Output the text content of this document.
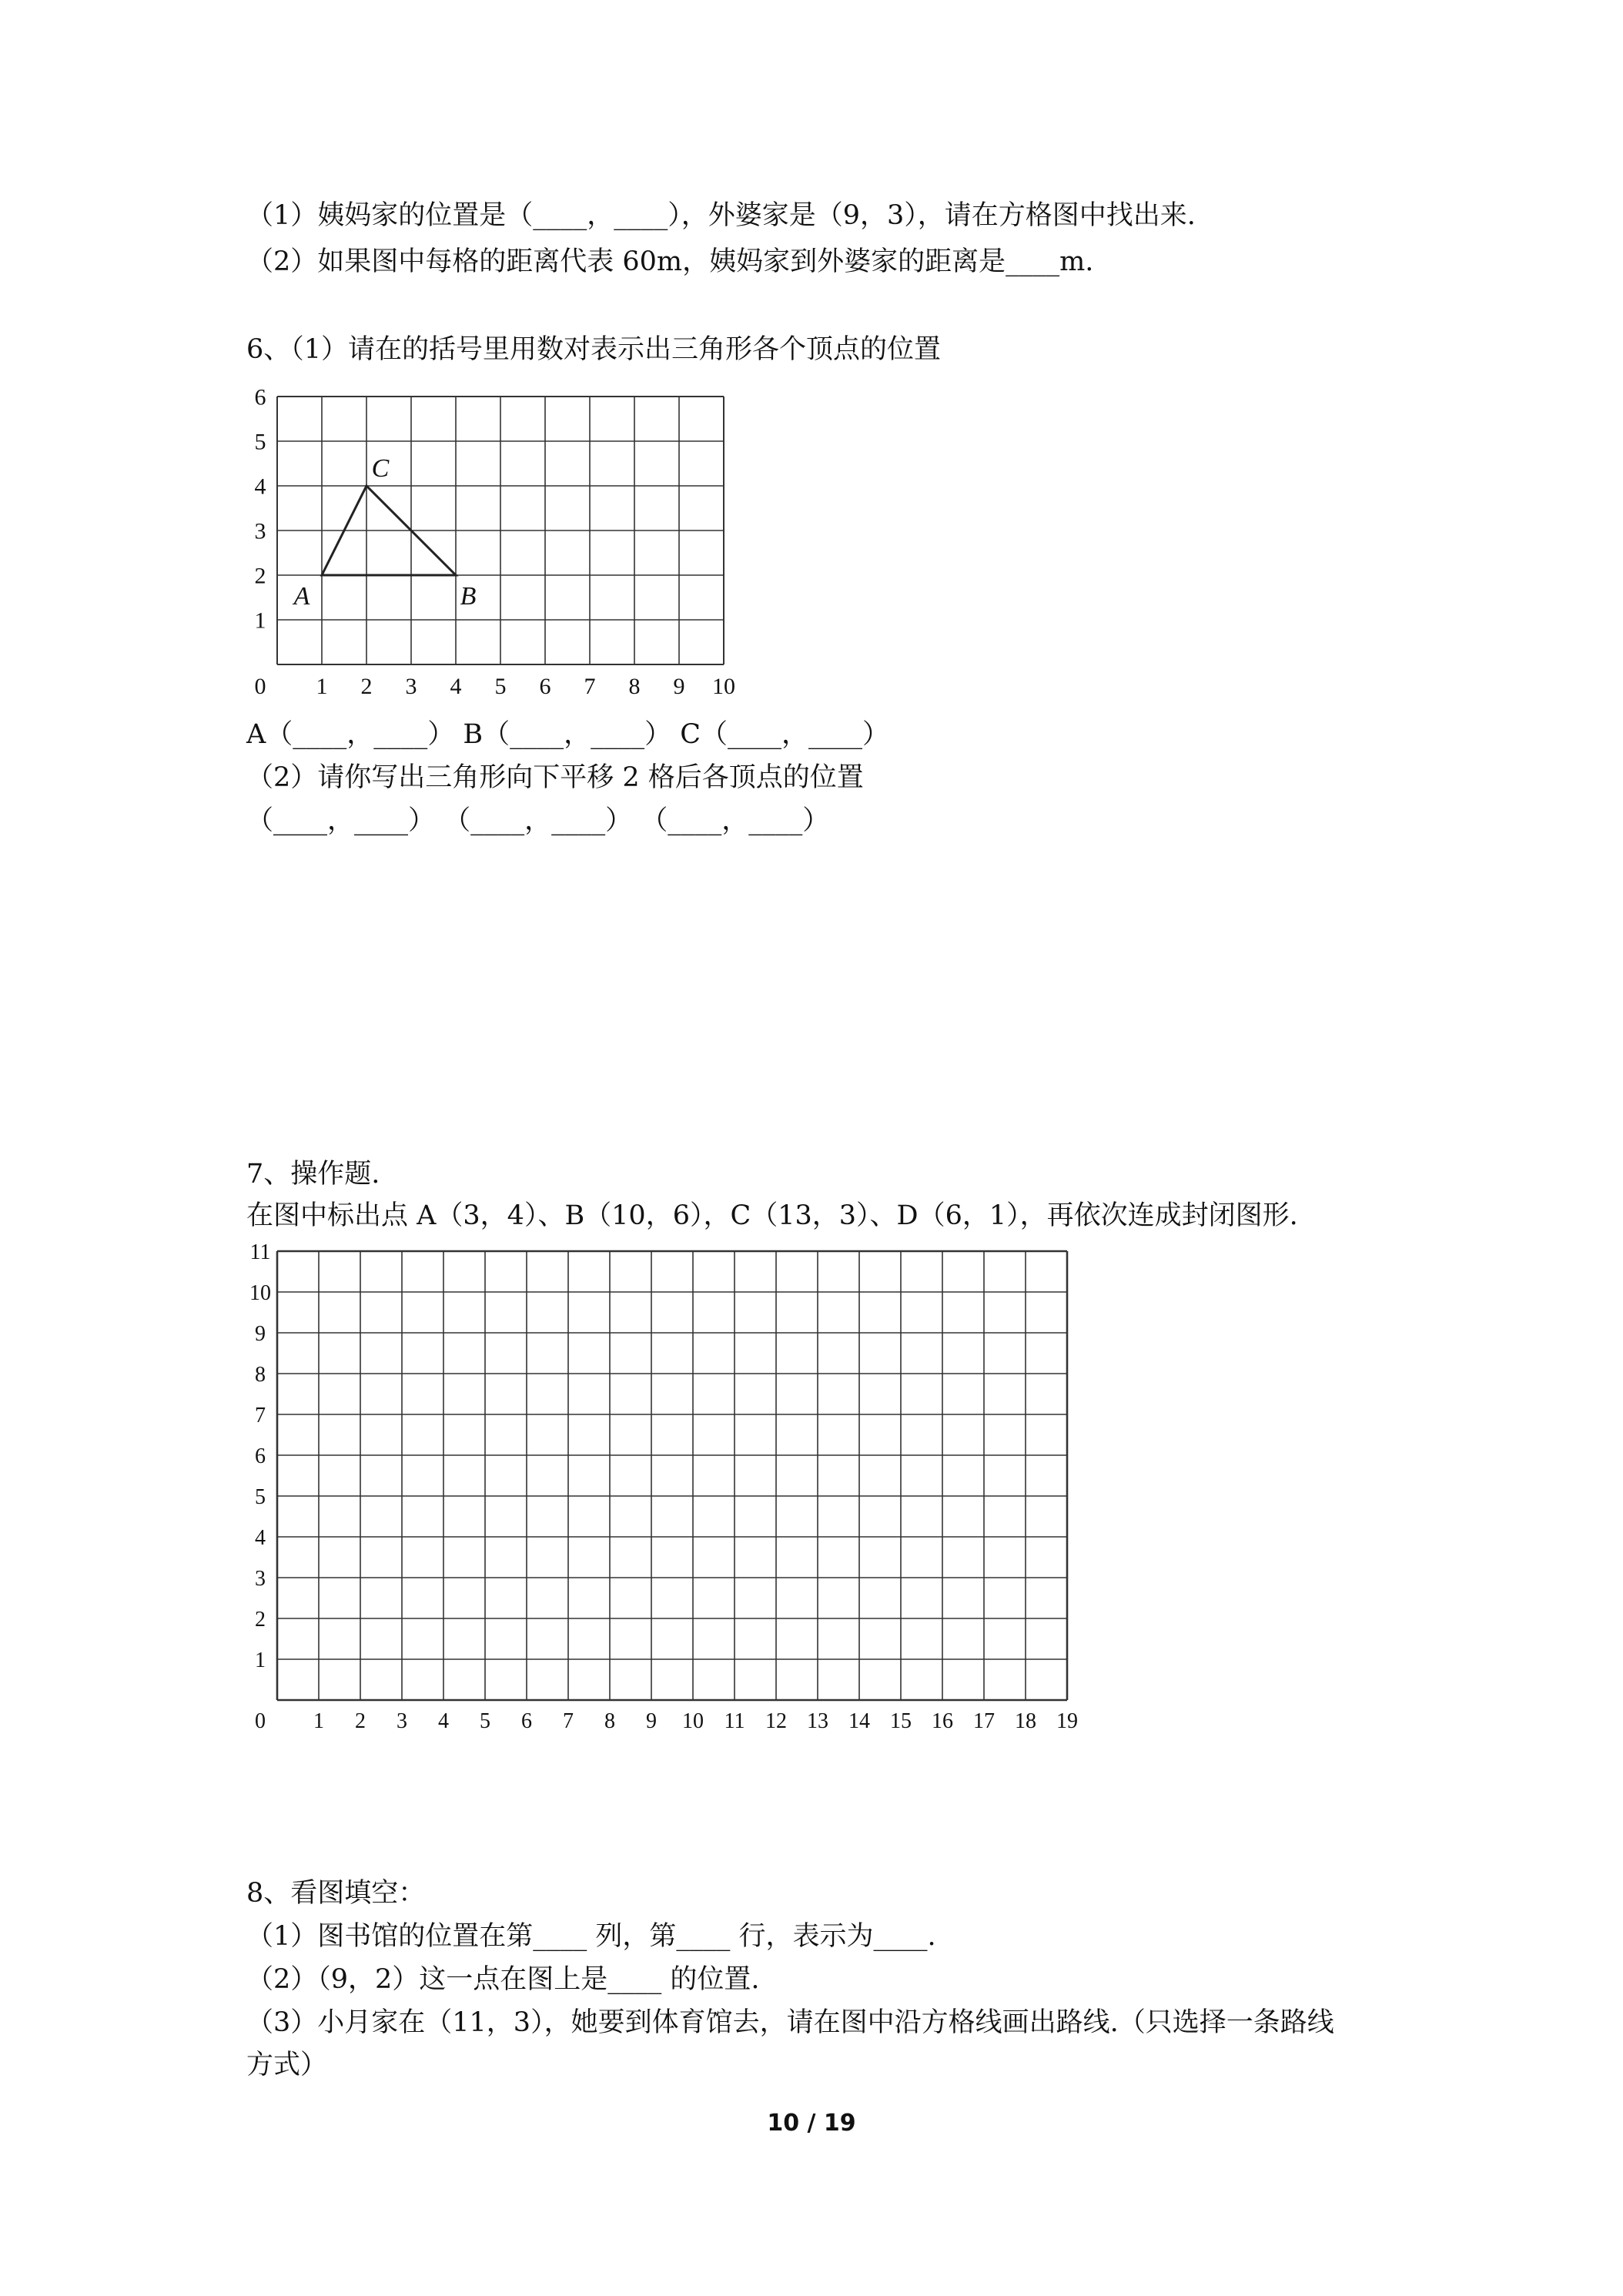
（1）姨妈家的位置是（____，____），外婆家是（9，3），请在方格图中找出来.
（2）如果图中每格的距离代表 60m，姨妈家到外婆家的距离是____m.
6、（1）请在的括号里用数对表示出三角形各个顶点的位置
0 1 2 3 4 5 6 7 8 9 10
1
2
3
4
5
6
A	B
C
A（____，____） B（____，____） C（____，____）
（2）请你写出三角形向下平移 2 格后各顶点的位置
（____，____） （____，____） （____，____）
7、操作题.
在图中标出点 A（3，4）、B（10，6），C（13，3）、D（6，1），再依次连成封闭图形.
0 1 2 3 4 5 6 7 8 9 10 11 12 13 14 15 16 17 18 19
1
2
3
4
5
6
7
8
9
10
11
8、看图填空：
（1）图书馆的位置在第____ 列，第____ 行，表示为____.
（2）（9，2）这一点在图上是____ 的位置.
（3）小月家在（11，3），她要到体育馆去，请在图中沿方格线画出路线.（只选择一条路线
方式）
10 / 19
